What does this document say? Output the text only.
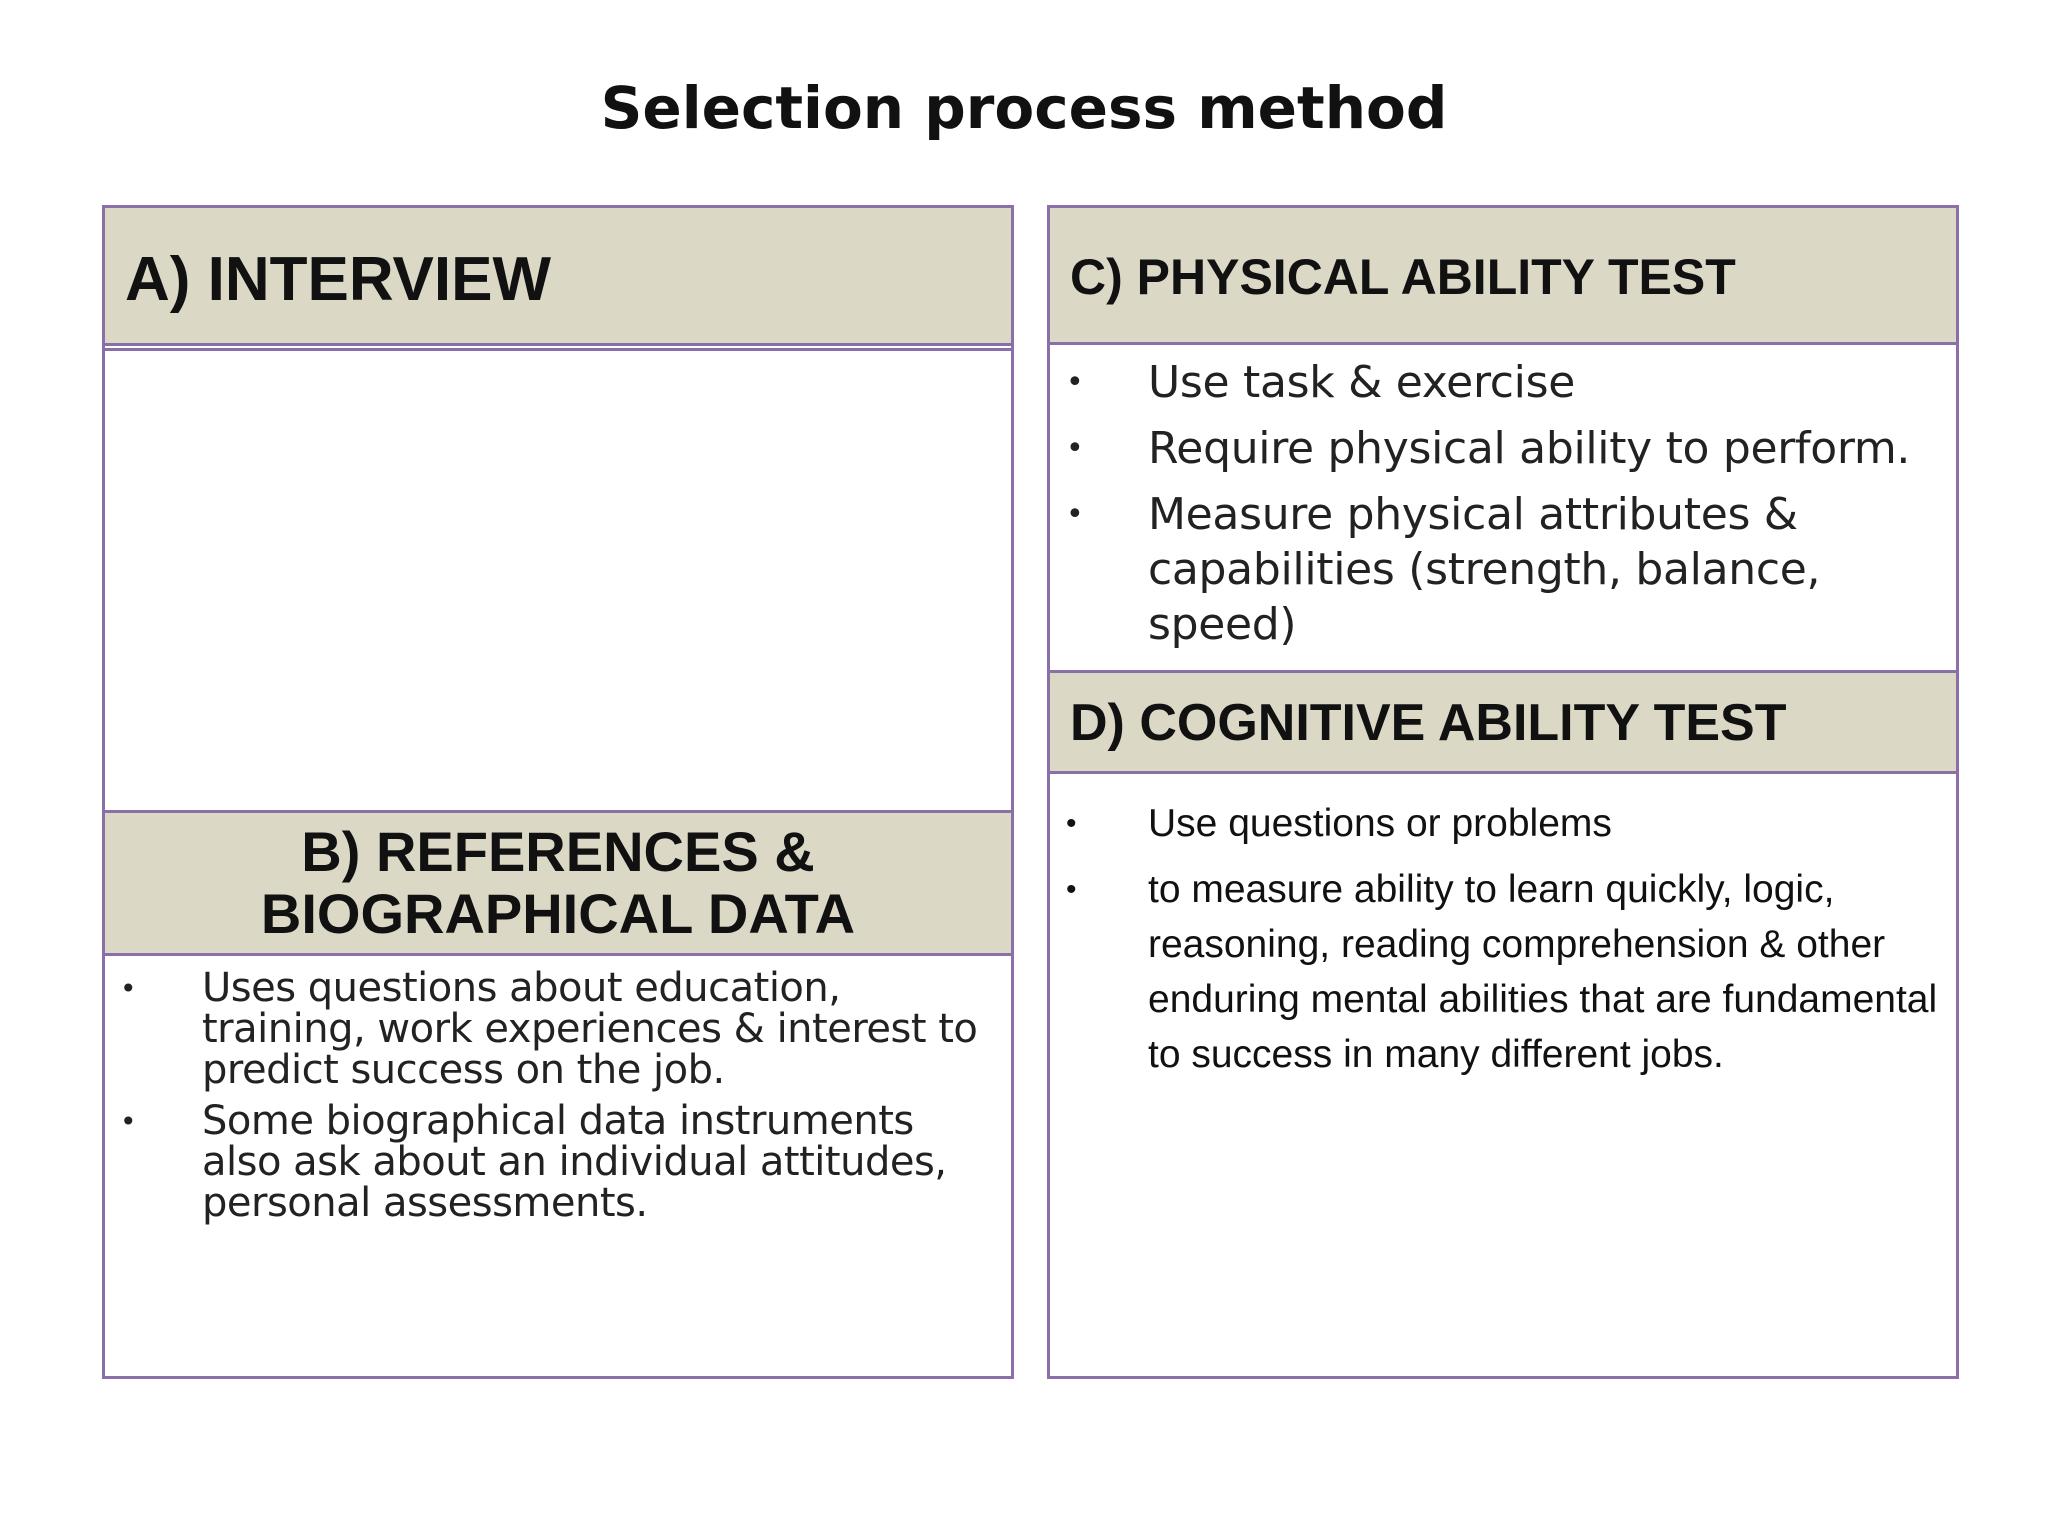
Selection process method
A) INTERVIEW
B) REFERENCES & BIOGRAPHICAL DATA
• Uses questions about education, training, work experiences & interest to predict success on the job.
• Some biographical data instruments also ask about an individual attitudes, personal assessments.
C) PHYSICAL ABILITY TEST
• Use task & exercise
• Require physical ability to perform.
• Measure physical attributes & capabilities (strength, balance, speed)
D) COGNITIVE ABILITY TEST
• Use questions or problems
• to measure ability to learn quickly, logic, reasoning, reading comprehension & other enduring mental abilities that are fundamental to success in many different jobs.
